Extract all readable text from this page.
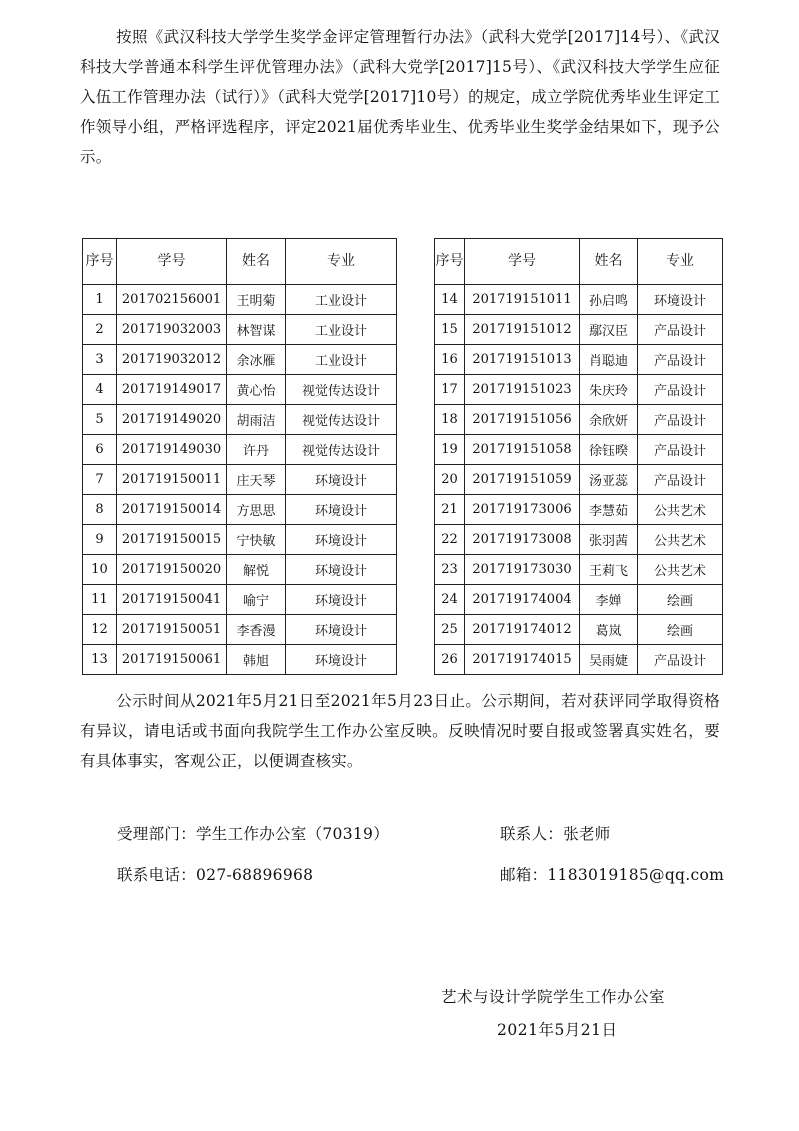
按照《武汉科技大学学生奖学金评定管理暂行办法》（武科大党学[2017]14号）、《武汉科技大学普通本科学生评优管理办法》（武科大党学[2017]15号）、《武汉科技大学学生应征入伍工作管理办法（试行）》（武科大党学[2017]10号）的规定，成立学院优秀毕业生评定工作领导小组，严格评选程序，评定2021届优秀毕业生、优秀毕业生奖学金结果如下，现予公示。

序号	学号	姓名	专业
1	201702156001	王明菊	工业设计
2	201719032003	林智谋	工业设计
3	201719032012	余冰雁	工业设计
4	201719149017	黄心怡	视觉传达设计
5	201719149020	胡雨洁	视觉传达设计
6	201719149030	许丹	视觉传达设计
7	201719150011	庄天琴	环境设计
8	201719150014	方思思	环境设计
9	201719150015	宁快敏	环境设计
10	201719150020	解悦	环境设计
11	201719150041	喻宁	环境设计
12	201719150051	李香漫	环境设计
13	201719150061	韩旭	环境设计
序号	学号	姓名	专业
14	201719151011	孙启鸣	环境设计
15	201719151012	鄢汉臣	产品设计
16	201719151013	肖聪迪	产品设计
17	201719151023	朱庆玲	产品设计
18	201719151056	余欣妍	产品设计
19	201719151058	徐钰暌	产品设计
20	201719151059	汤亚蕊	产品设计
21	201719173006	李慧茹	公共艺术
22	201719173008	张羽茜	公共艺术
23	201719173030	王莉飞	公共艺术
24	201719174004	李婵	绘画
25	201719174012	葛岚	绘画
26	201719174015	吴雨婕	产品设计

公示时间从2021年5月21日至2021年5月23日止。公示期间，若对获评同学取得资格有异议，请电话或书面向我院学生工作办公室反映。反映情况时要自报或签署真实姓名，要有具体事实，客观公正，以便调查核实。

受理部门：学生工作办公室（70319）	联系人：张老师
联系电话：027-68896968	邮箱：1183019185@qq.com
艺术与设计学院学生工作办公室
2021年5月21日
